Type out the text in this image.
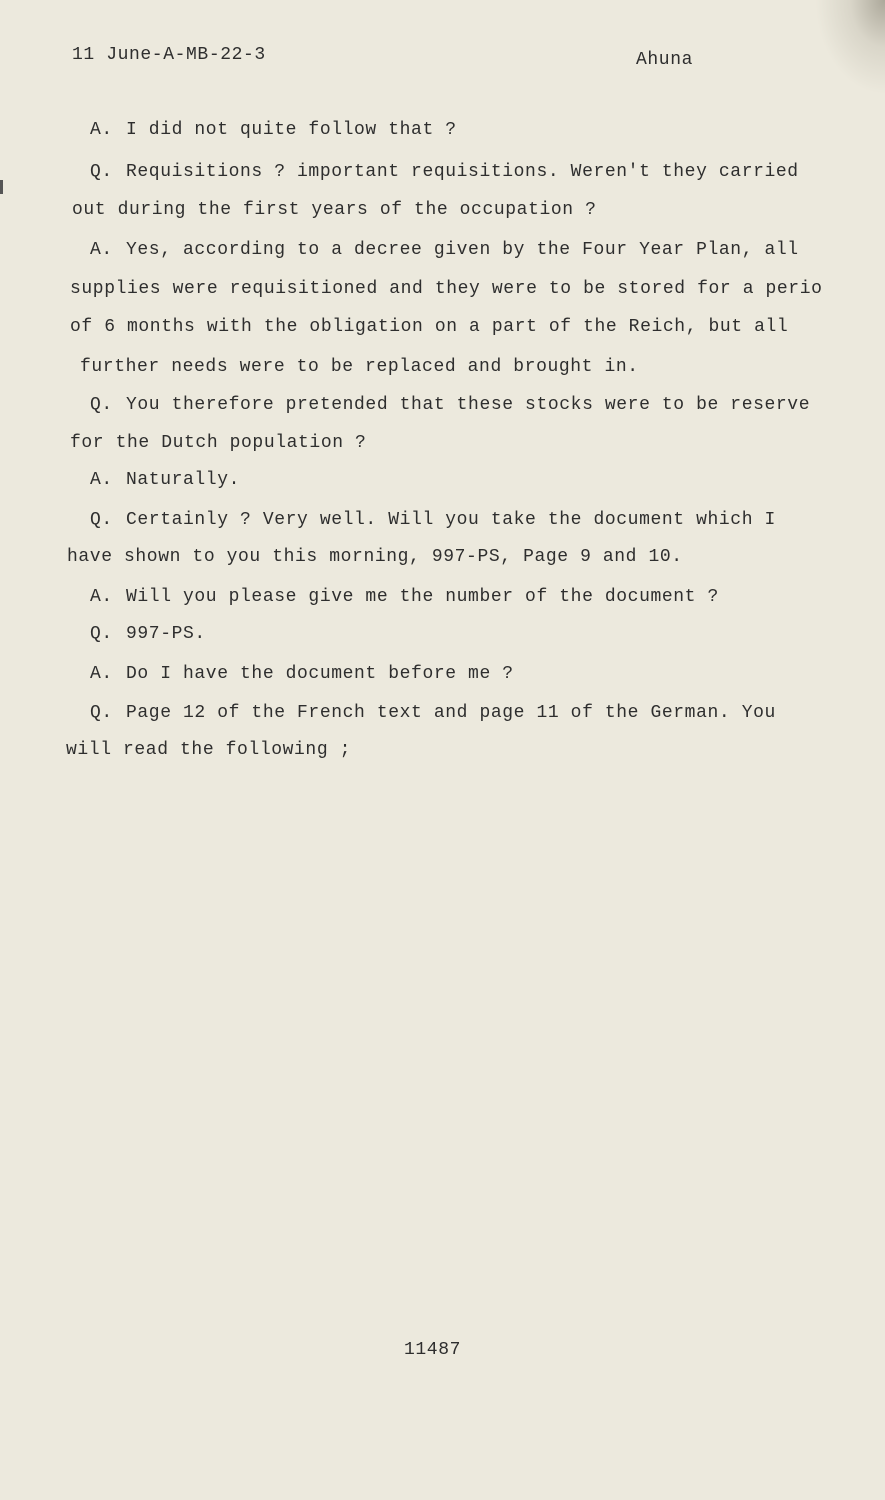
11 June-A-MB-22-3	Ahuna
A. I did not quite follow that ?
Q. Requisitions ? important requisitions. Weren't they carried
out during the first years of the occupation ?
A. Yes, according to a decree given by the Four Year Plan, all
supplies were requisitioned and they were to be stored for a perio
of 6 months with the obligation on a part of the Reich, but all
further needs were to be replaced and brought in.
Q. You therefore pretended that these stocks were to be reserve
for the Dutch population ?
A. Naturally.
Q. Certainly ? Very well. Will you take the document which I
have shown to you this morning, 997-PS, Page 9 and 10.
A. Will you please give me the number of the document ?
Q. 997-PS.
A. Do I have the document before me ?
Q. Page 12 of the French text and page 11 of the German. You
will read the following ;
11487
